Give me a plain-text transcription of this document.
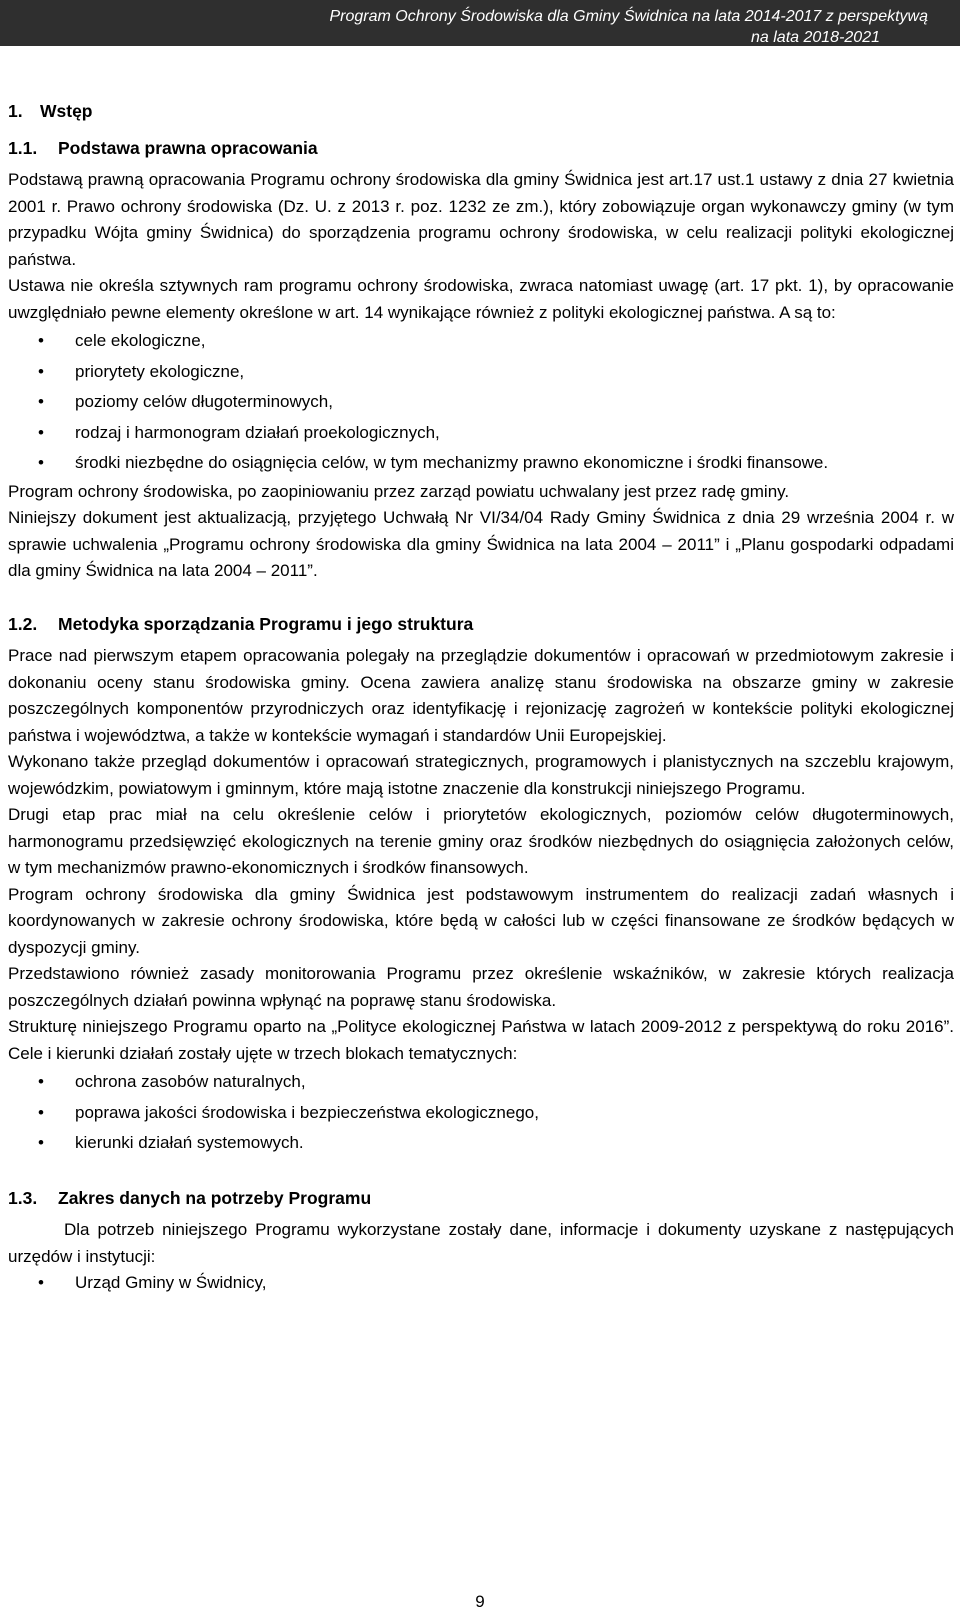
Program Ochrony Środowiska dla Gminy Świdnica na lata 2014-2017 z perspektywą
na lata 2018-2021
1. Wstęp
1.1. Podstawa prawna opracowania

Podstawą prawną opracowania Programu ochrony środowiska dla gminy Świdnica jest art.17 ust.1 ustawy z dnia 27 kwietnia 2001 r. Prawo ochrony środowiska (Dz. U. z 2013 r. poz. 1232 ze zm.), który zobowiązuje organ wykonawczy gminy (w tym przypadku Wójta gminy Świdnica) do sporządzenia programu ochrony środowiska, w celu realizacji polityki ekologicznej państwa.

Ustawa nie określa sztywnych ram programu ochrony środowiska, zwraca natomiast uwagę (art. 17 pkt. 1), by opracowanie uwzględniało pewne elementy określone w art. 14 wynikające również z polityki ekologicznej państwa. A są to:

• cele ekologiczne,
• priorytety ekologiczne,
• poziomy celów długoterminowych,
• rodzaj i harmonogram działań proekologicznych,
• środki niezbędne do osiągnięcia celów, w tym mechanizmy prawno ekonomiczne i środki finansowe.

Program ochrony środowiska, po zaopiniowaniu przez zarząd powiatu uchwalany jest przez radę gminy.

Niniejszy dokument jest aktualizacją, przyjętego Uchwałą Nr VI/34/04 Rady Gminy Świdnica z dnia 29 września 2004 r. w sprawie uchwalenia „Programu ochrony środowiska dla gminy Świdnica na lata 2004 – 2011” i „Planu gospodarki odpadami dla gminy Świdnica na lata 2004 – 2011”.

1.2. Metodyka sporządzania Programu i jego struktura

Prace nad pierwszym etapem opracowania polegały na przeglądzie dokumentów i opracowań w przedmiotowym zakresie i dokonaniu oceny stanu środowiska gminy. Ocena zawiera analizę stanu środowiska na obszarze gminy w zakresie poszczególnych komponentów przyrodniczych oraz identyfikację i rejonizację zagrożeń w kontekście polityki ekologicznej państwa i województwa, a także w kontekście wymagań i standardów Unii Europejskiej.

Wykonano także przegląd dokumentów i opracowań strategicznych, programowych i planistycznych na szczeblu krajowym, wojewódzkim, powiatowym i gminnym, które mają istotne znaczenie dla konstrukcji niniejszego Programu.

Drugi etap prac miał na celu określenie celów i priorytetów ekologicznych, poziomów celów długoterminowych, harmonogramu przedsięwzięć ekologicznych na terenie gminy oraz środków niezbędnych do osiągnięcia założonych celów, w tym mechanizmów prawno-ekonomicznych i środków finansowych.

Program ochrony środowiska dla gminy Świdnica jest podstawowym instrumentem do realizacji zadań własnych i koordynowanych w zakresie ochrony środowiska, które będą w całości lub w części finansowane ze środków będących w dyspozycji gminy.

Przedstawiono również zasady monitorowania Programu przez określenie wskaźników, w zakresie których realizacja poszczególnych działań powinna wpłynąć na poprawę stanu środowiska.

Strukturę niniejszego Programu oparto na „Polityce ekologicznej Państwa w latach 2009-2012 z perspektywą do roku 2016”. Cele i kierunki działań zostały ujęte w trzech blokach tematycznych:

• ochrona zasobów naturalnych,
• poprawa jakości środowiska i bezpieczeństwa ekologicznego,
• kierunki działań systemowych.
1.3. Zakres danych na potrzeby Programu

Dla potrzeb niniejszego Programu wykorzystane zostały dane, informacje i dokumenty uzyskane z następujących urzędów i instytucji:

• Urząd Gminy w Świdnicy,
9
